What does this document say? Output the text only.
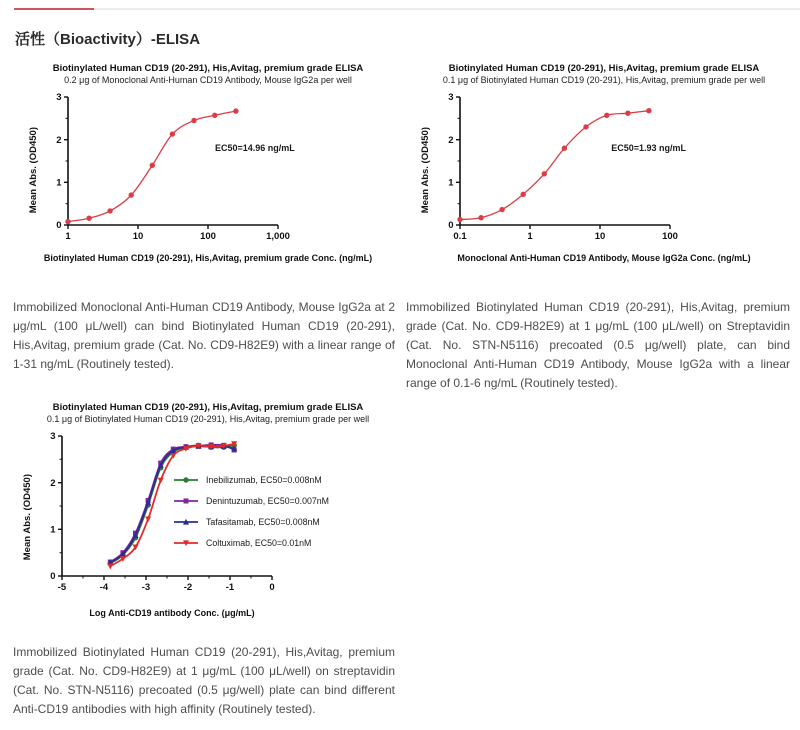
活性（Bioactivity）-ELISA
Biotinylated Human CD19 (20-291), His,Avitag, premium grade ELISA
0.2 μg of Monoclonal Anti-Human CD19 Antibody, Mouse IgG2a per well
Mean Abs. (OD450)
0
1
2
3
1	10	100	1,000
EC50=14.96 ng/mL
Biotinylated Human CD19 (20-291), His,Avitag, premium grade Conc. (ng/mL)
Biotinylated Human CD19 (20-291), His,Avitag, premium grade ELISA
0.1 μg of Biotinylated Human CD19 (20-291), His,Avitag, premium grade per well
Mean Abs. (OD450)
0
1
2
3
0.1	1	10	100
EC50=1.93 ng/mL
Monoclonal Anti-Human CD19 Antibody, Mouse IgG2a Conc. (ng/mL)
Immobilized Monoclonal Anti-Human CD19 Antibody, Mouse IgG2a at 2 μg/mL (100 μL/well) can bind Biotinylated Human CD19 (20-291), His,Avitag, premium grade (Cat. No. CD9-H82E9) with a linear range of 1-31 ng/mL (Routinely tested).
Immobilized Biotinylated Human CD19 (20-291), His,Avitag, premium grade (Cat. No. CD9-H82E9) at 1 μg/mL (100 μL/well) on Streptavidin (Cat. No. STN-N5116) precoated (0.5 μg/well) plate, can bind Monoclonal Anti-Human CD19 Antibody, Mouse IgG2a with a linear range of 0.1-6 ng/mL (Routinely tested).
Biotinylated Human CD19 (20-291), His,Avitag, premium grade ELISA
0.1 μg of Biotinylated Human CD19 (20-291), His,Avitag, premium grade per well
Mean Abs. (OD450)
0
1
2
3
-5	-4	-3	-2	-1	0
Inebilizumab, EC50=0.008nM
Denintuzumab, EC50=0.007nM
Tafasitamab, EC50=0.008nM
Coltuximab, EC50=0.01nM
Log Anti-CD19 antibody Conc. (μg/mL)
Immobilized Biotinylated Human CD19 (20-291), His,Avitag, premium grade (Cat. No. CD9-H82E9) at 1 μg/mL (100 μL/well) on streptavidin (Cat. No. STN-N5116) precoated (0.5 μg/well) plate can bind different Anti-CD19 antibodies with high affinity (Routinely tested).
